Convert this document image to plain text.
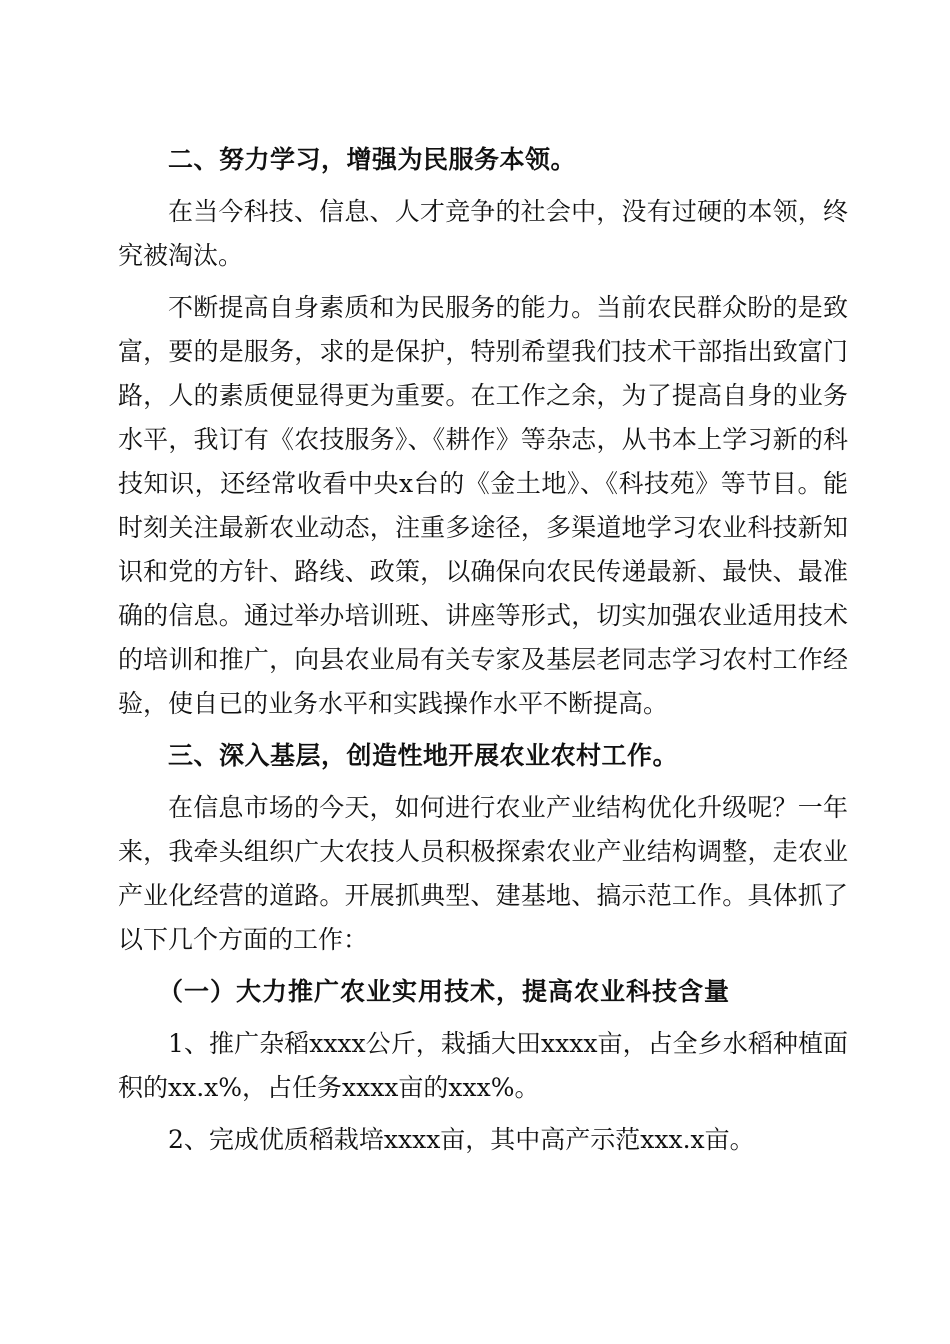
二、努力学习，增强为民服务本领。

在当今科技、信息、人才竞争的社会中，没有过硬的本领，终究被淘汰。

不断提高自身素质和为民服务的能力。当前农民群众盼的是致富，要的是服务，求的是保护，特别希望我们技术干部指出致富门路，人的素质便显得更为重要。在工作之余，为了提高自身的业务水平，我订有《农技服务》、《耕作》等杂志，从书本上学习新的科技知识，还经常收看中央x台的《金土地》、《科技苑》等节目。能时刻关注最新农业动态，注重多途径，多渠道地学习农业科技新知识和党的方针、路线、政策，以确保向农民传递最新、最快、最准确的信息。通过举办培训班、讲座等形式，切实加强农业适用技术的培训和推广，向县农业局有关专家及基层老同志学习农村工作经验，使自已的业务水平和实践操作水平不断提高。

三、深入基层，创造性地开展农业农村工作。

在信息市场的今天，如何进行农业产业结构优化升级呢？一年来，我牵头组织广大农技人员积极探索农业产业结构调整，走农业产业化经营的道路。开展抓典型、建基地、搞示范工作。具体抓了以下几个方面的工作：

（一）大力推广农业实用技术，提高农业科技含量

1、推广杂稻xxxx公斤，栽插大田xxxx亩，占全乡水稻种植面积的xx.x%，占任务xxxx亩的xxx%。

2、完成优质稻栽培xxxx亩，其中高产示范xxx.x亩。
